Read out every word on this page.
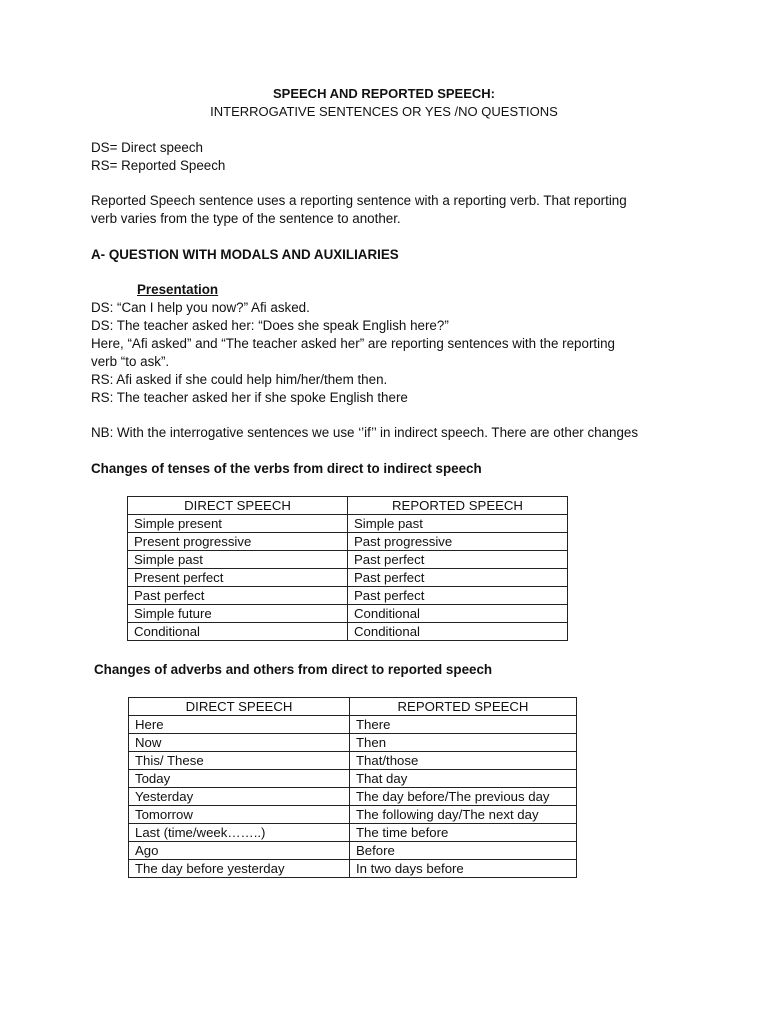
SPEECH AND REPORTED SPEECH:
INTERROGATIVE SENTENCES OR YES /NO QUESTIONS
DS= Direct speech
RS= Reported Speech
Reported Speech sentence uses a reporting sentence with a reporting verb. That reporting
verb varies from the type of the sentence to another.
A- QUESTION WITH MODALS AND AUXILIARIES
Presentation
DS: “Can I help you now?” Afi asked.
DS: The teacher asked her: “Does she speak English here?”
Here, “Afi asked” and “The teacher asked her” are reporting sentences with the reporting
verb “to ask”.
RS: Afi asked if she could help him/her/them then.
RS: The teacher asked her if she spoke English there
NB: With the interrogative sentences we use ‘’if’’ in indirect speech. There are other changes
Changes of tenses of the verbs from direct to indirect speech
DIRECT SPEECH	REPORTED SPEECH
Simple present	Simple past
Present progressive	Past progressive
Simple past	Past perfect
Present perfect	Past perfect
Past perfect	Past perfect
Simple future	Conditional
Conditional	Conditional
Changes of adverbs and others from direct to reported speech
DIRECT SPEECH	REPORTED SPEECH
Here	There
Now	Then
This/ These	That/those
Today	That day
Yesterday	The day before/The previous day
Tomorrow	The following day/The next day
Last (time/week……..)	The time before
Ago	Before
The day before yesterday	In two days before
